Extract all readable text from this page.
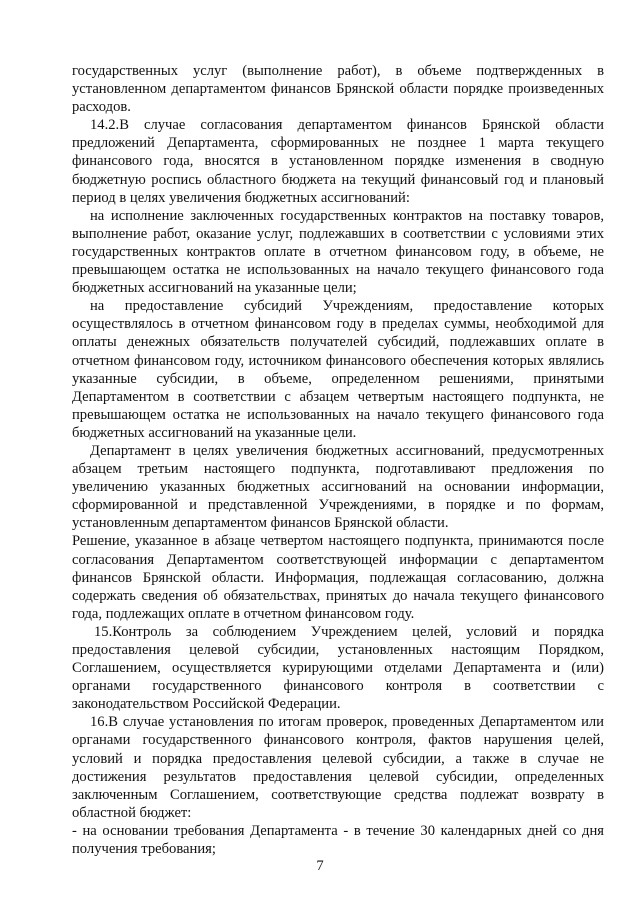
государственных услуг (выполнение работ), в объеме подтвержденных в установленном департаментом финансов Брянской области порядке произведенных расходов.

14.2.В случае согласования департаментом финансов Брянской области предложений Департамента, сформированных не позднее 1 марта текущего финансового года, вносятся в установленном порядке изменения в сводную бюджетную роспись областного бюджета на текущий финансовый год и плановый период в целях увеличения бюджетных ассигнований:

на исполнение заключенных государственных контрактов на поставку товаров, выполнение работ, оказание услуг, подлежавших в соответствии с условиями этих государственных контрактов оплате в отчетном финансовом году, в объеме, не превышающем остатка не использованных на начало текущего финансового года бюджетных ассигнований на указанные цели;

на предоставление субсидий Учреждениям, предоставление которых осуществлялось в отчетном финансовом году в пределах суммы, необходимой для оплаты денежных обязательств получателей субсидий, подлежавших оплате в отчетном финансовом году, источником финансового обеспечения которых являлись указанные субсидии, в объеме, определенном решениями, принятыми Департаментом в соответствии с абзацем четвертым настоящего подпункта, не превышающем остатка не использованных на начало текущего финансового года бюджетных ассигнований на указанные цели.

Департамент в целях увеличения бюджетных ассигнований, предусмотренных абзацем третьим настоящего подпункта, подготавливают предложения по увеличению указанных бюджетных ассигнований на основании информации, сформированной и представленной Учреждениями, в порядке и по формам, установленным департаментом финансов Брянской области.

Решение, указанное в абзаце четвертом настоящего подпункта, принимаются после согласования Департаментом соответствующей информации с департаментом финансов Брянской области. Информация, подлежащая согласованию, должна содержать сведения об обязательствах, принятых до начала текущего финансового года, подлежащих оплате в отчетном финансовом году.

15.Контроль за соблюдением Учреждением целей, условий и порядка предоставления целевой субсидии, установленных настоящим Порядком, Соглашением, осуществляется курирующими отделами Департамента и (или) органами государственного финансового контроля в соответствии с законодательством Российской Федерации.

16.В случае установления по итогам проверок, проведенных Департаментом или органами государственного финансового контроля, фактов нарушения целей, условий и порядка предоставления целевой субсидии, а также в случае не достижения результатов предоставления целевой субсидии, определенных заключенным Соглашением, соответствующие средства подлежат возврату в областной бюджет:

- на основании требования Департамента - в течение 30 календарных дней со дня получения требования;

7
